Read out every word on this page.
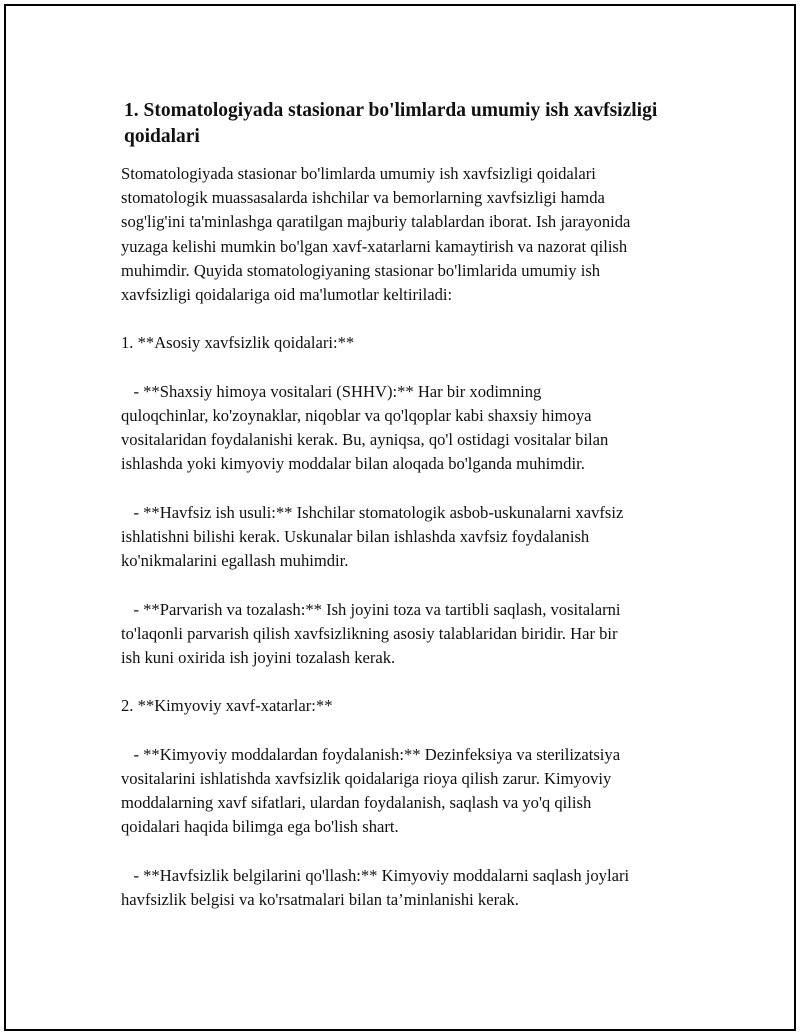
1. Stomatologiyada stasionar bo'limlarda umumiy ish xavfsizligi qoidalari

Stomatologiyada stasionar bo'limlarda umumiy ish xavfsizligi qoidalari
stomatologik muassasalarda ishchilar va bemorlarning xavfsizligi hamda
sog'lig'ini ta'minlashga qaratilgan majburiy talablardan iborat. Ish jarayonida
yuzaga kelishi mumkin bo'lgan xavf-xatarlarni kamaytirish va nazorat qilish
muhimdir. Quyida stomatologiyaning stasionar bo'limlarida umumiy ish
xavfsizligi qoidalariga oid ma'lumotlar keltiriladi:

1. **Asosiy xavfsizlik qoidalari:**

- **Shaxsiy himoya vositalari (SHHV):** Har bir xodimning
quloqchinlar, ko'zoynaklar, niqoblar va qo'lqoplar kabi shaxsiy himoya
vositalaridan foydalanishi kerak. Bu, ayniqsa, qo'l ostidagi vositalar bilan
ishlashda yoki kimyoviy moddalar bilan aloqada bo'lganda muhimdir.

- **Havfsiz ish usuli:** Ishchilar stomatologik asbob-uskunalarni xavfsiz
ishlatishni bilishi kerak. Uskunalar bilan ishlashda xavfsiz foydalanish
ko'nikmalarini egallash muhimdir.

- **Parvarish va tozalash:** Ish joyini toza va tartibli saqlash, vositalarni
to'laqonli parvarish qilish xavfsizlikning asosiy talablaridan biridir. Har bir
ish kuni oxirida ish joyini tozalash kerak.

2. **Kimyoviy xavf-xatarlar:**

- **Kimyoviy moddalardan foydalanish:** Dezinfeksiya va sterilizatsiya
vositalarini ishlatishda xavfsizlik qoidalariga rioya qilish zarur. Kimyoviy
moddalarning xavf sifatlari, ulardan foydalanish, saqlash va yo'q qilish
qoidalari haqida bilimga ega bo'lish shart.

- **Havfsizlik belgilarini qo'llash:** Kimyoviy moddalarni saqlash joylari
havfsizlik belgisi va ko'rsatmalari bilan ta’minlanishi kerak.
